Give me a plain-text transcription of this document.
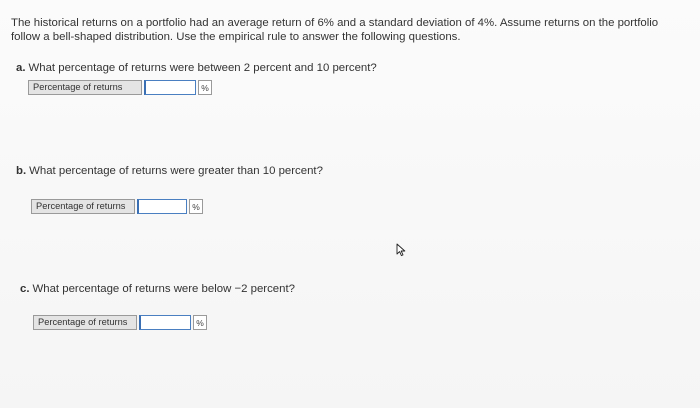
The historical returns on a portfolio had an average return of 6% and a standard deviation of 4%. Assume returns on the portfolio
follow a bell-shaped distribution. Use the empirical rule to answer the following questions.
a. What percentage of returns were between 2 percent and 10 percent?
Percentage of returns	%
b. What percentage of returns were greater than 10 percent?
Percentage of returns	%
c. What percentage of returns were below −2 percent?
Percentage of returns	%
